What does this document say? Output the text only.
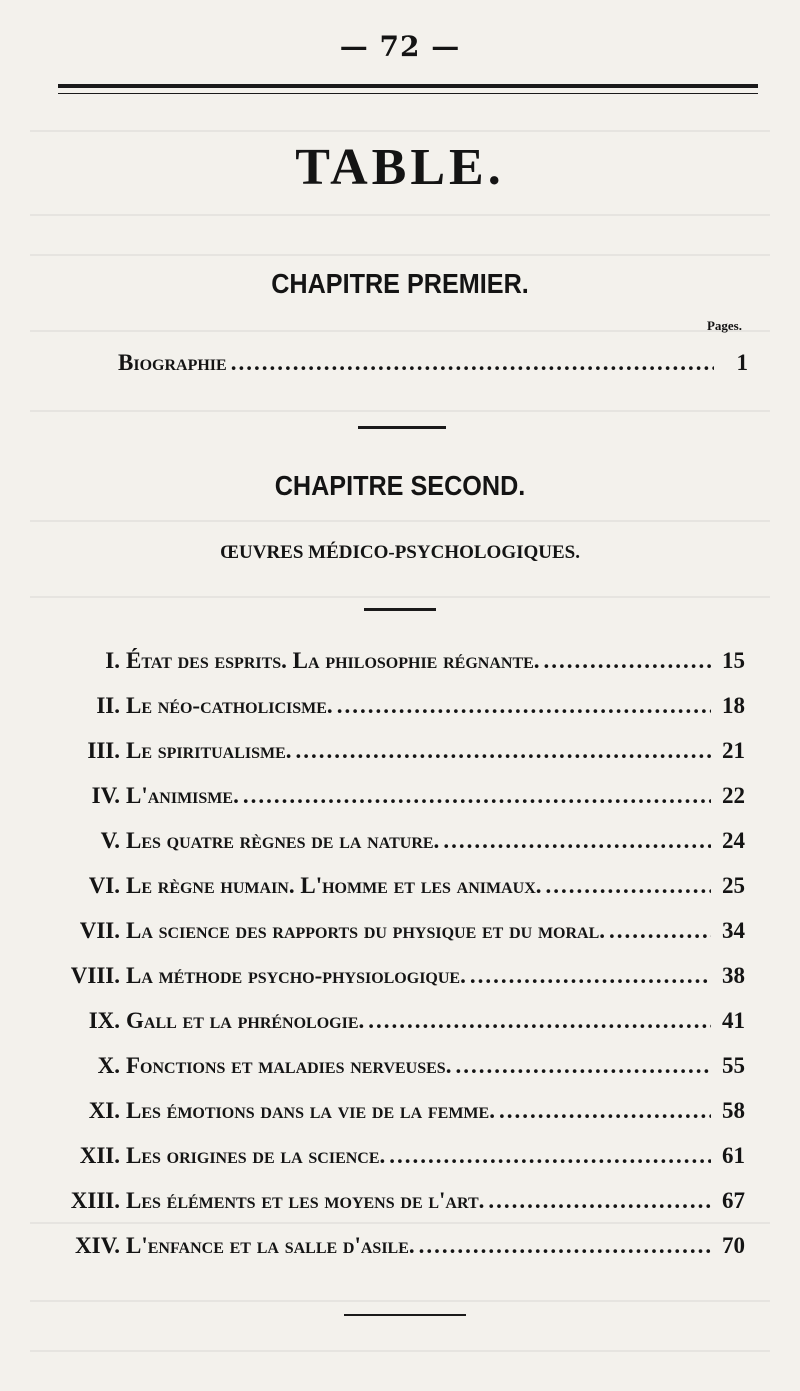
— 72 —
TABLE.
CHAPITRE PREMIER.
Pages.
Biographie .....	1
CHAPITRE SECOND.
ŒUVRES MÉDICO-PSYCHOLOGIQUES.
I. État des esprits. La philosophie régnante. .....	15
II. Le néo-catholicisme. .....	18
III. Le spiritualisme. .....	21
IV. L'animisme. .....	22
V. Les quatre règnes de la nature. .....	24
VI. Le règne humain. L'homme et les animaux. .....	25
VII. La science des rapports du physique et du moral. .....	34
VIII. La méthode psycho-physiologique. .....	38
IX. Gall et la phrénologie. .....	41
X. Fonctions et maladies nerveuses. .....	55
XI. Les émotions dans la vie de la femme. .....	58
XII. Les origines de la science. .....	61
XIII. Les éléments et les moyens de l'art. .....	67
XIV. L'enfance et la salle d'asile. .....	70
